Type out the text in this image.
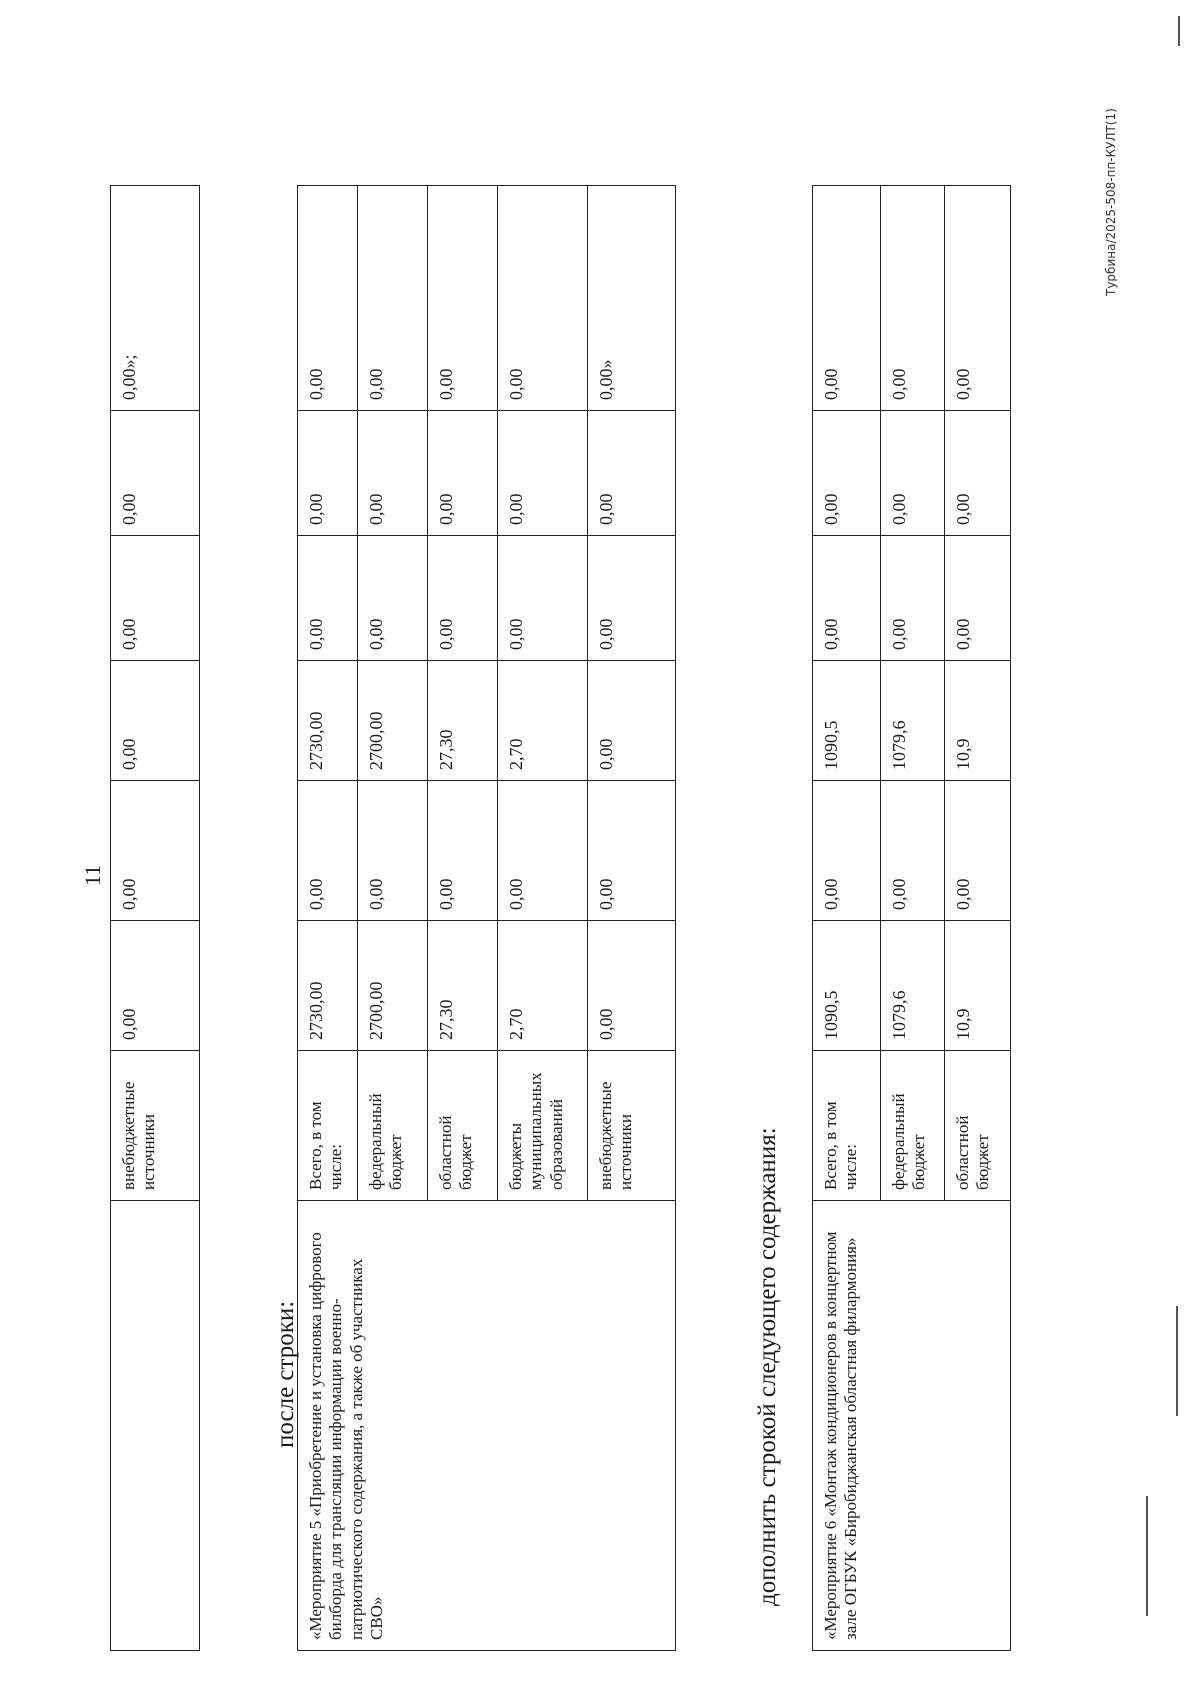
11
	внебюджетные источники	0,00	0,00	0,00	0,00	0,00	0,00»;
после строки: «Мероприятие 5 «Приобретение и установка цифрового билборда для трансляции информации военно-патриотического содержания, а также об участниках СВО»	Всего, в том числе:	2730,00	0,00	2730,00	0,00	0,00	0,00
	федеральный бюджет	2700,00	0,00	2700,00	0,00	0,00	0,00
	областной бюджет	27,30	0,00	27,30	0,00	0,00	0,00
	бюджеты муниципальных образований	2,70	0,00	2,70	0,00	0,00	0,00
	внебюджетные источники	0,00	0,00	0,00	0,00	0,00	0,00»
дополнить строкой следующего содержания: «Мероприятие 6 «Монтаж кондиционеров в концертном зале ОГБУК «Биробиджанская областная филармония»	Всего, в том числе:	1090,5	0,00	1090,5	0,00	0,00	0,00
	федеральный бюджет	1079,6	0,00	1079,6	0,00	0,00	0,00
	областной бюджет	10,9	0,00	10,9	0,00	0,00	0,00
Турбина/2025-508-пп-КУЛТ(1)
